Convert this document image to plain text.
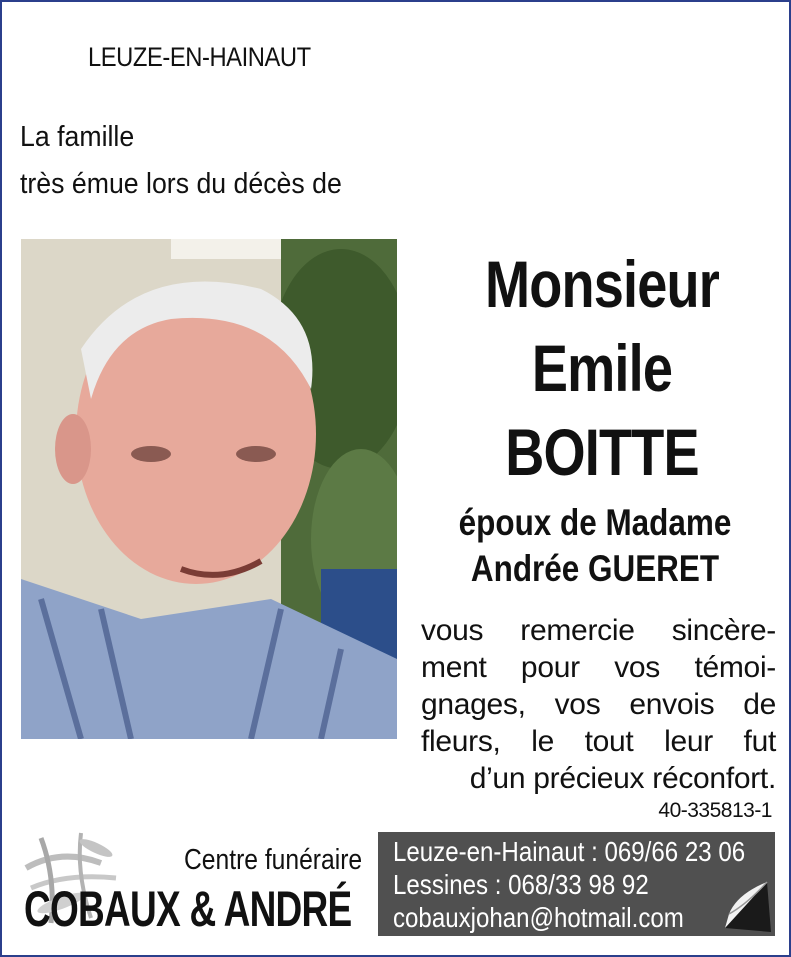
LEUZE-EN-HAINAUT
La famille
très émue lors du décès de
Monsieur
Emile
BOITTE
époux de Madame
Andrée GUERET
vous remercie sincère-
ment pour vos témoi-
gnages, vos envois de
fleurs, le tout leur fut
d’un précieux réconfort.
40-335813-1
Centre funéraire
COBAUX & ANDRÉ
Leuze-en-Hainaut : 069/66 23 06
Lessines : 068/33 98 92
cobauxjohan@hotmail.com
